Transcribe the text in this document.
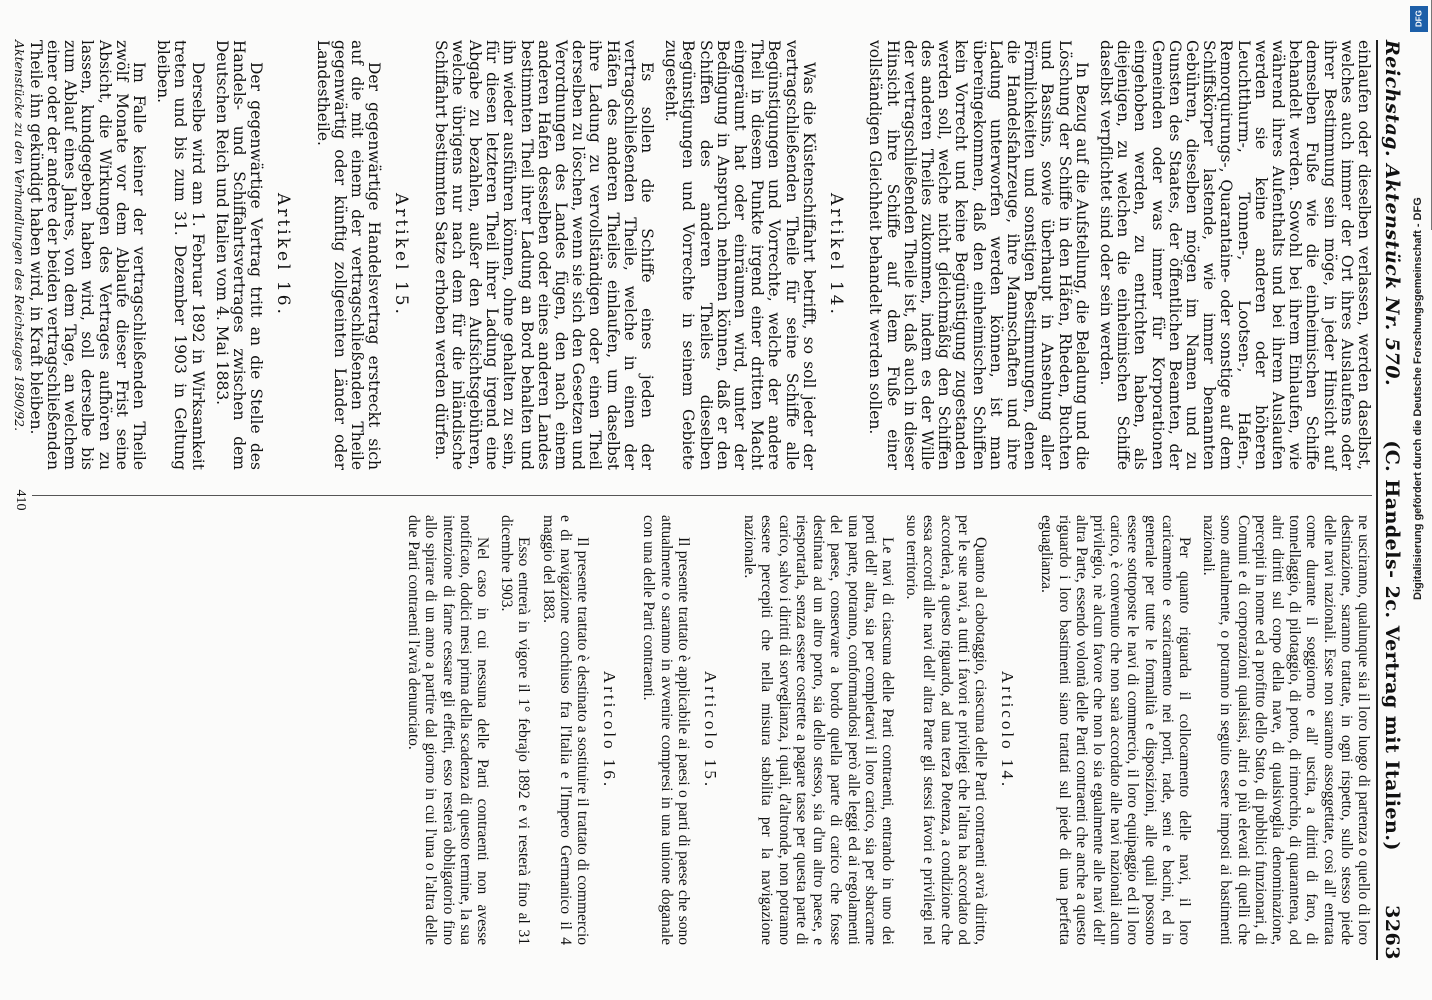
Reichstag. Aktenstück Nr. 570.
(C. Handels- 2c. Vertrag mit Italien.)
3263

einlaufen oder dieselben verlassen, werden daselbst, welches auch immer der Ort ihres Auslaufens oder ihrer Bestimmung sein möge, in jeder Hinsicht auf demselben Fuße wie die einheimischen Schiffe behandelt werden. Sowohl bei ihrem Einlaufen, wie während ihres Aufenthalts und bei ihrem Auslaufen werden sie keine anderen oder höheren Leuchtthurm-, Tonnen-, Lootsen-, Hafen-, Remorquirungs-, Quarantaine- oder sonstige auf dem Schiffskörper lastende, wie immer benannten Gebühren, dieselben mögen im Namen und zu Gunsten des Staates, der öffentlichen Beamten, der Gemeinden oder was immer für Korporationen eingehoben werden, zu entrichten haben, als diejenigen, zu welchen die einheimischen Schiffe daselbst verpflichtet sind oder sein werden.

In Bezug auf die Aufstellung, die Beladung und die Löschung der Schiffe in den Häfen, Rheden, Buchten und Bassins, sowie überhaupt in Ansehung aller Förmlichkeiten und sonstigen Bestimmungen, denen die Handelsfahrzeuge, ihre Mannschaften und ihre Ladung unterworfen werden können, ist man übereingekommen, daß den einheimischen Schiffen kein Vorrecht und keine Begünstigung zugestanden werden soll, welche nicht gleichmäßig den Schiffen des anderen Theiles zukommen, indem es der Wille der vertragschließenden Theile ist, daß auch in dieser Hinsicht ihre Schiffe auf dem Fuße einer vollständigen Gleichheit behandelt werden sollen.

Artikel 14.

Was die Küstenschiffahrt betrifft, so soll jeder der vertragschließenden Theile für seine Schiffe alle Begünstigungen und Vorrechte, welche der andere Theil in diesem Punkte irgend einer dritten Macht eingeräumt hat oder einräumen wird, unter der Bedingung in Anspruch nehmen können, daß er den Schiffen des anderen Theiles dieselben Begünstigungen und Vorrechte in seinem Gebiete zugesteht.

Es sollen die Schiffe eines jeden der vertragschließenden Theile, welche in einen der Häfen des anderen Theiles einlaufen, um daselbst ihre Ladung zu vervollständigen oder einen Theil derselben zu löschen, wenn sie sich den Gesetzen und Verordnungen des Landes fügen, den nach einem anderen Hafen desselben oder eines anderen Landes bestimmten Theil ihrer Ladung an Bord behalten und ihn wieder ausführen können, ohne gehalten zu sein, für diesen letzteren Theil ihrer Ladung irgend eine Abgabe zu bezahlen, außer den Aufsichtsgebühren, welche übrigens nur nach dem für die inländische Schiffahrt bestimmten Satze erhoben werden dürfen.

Artikel 15.

Der gegenwärtige Handelsvertrag erstreckt sich auf die mit einem der vertragschließenden Theile gegenwärtig oder künftig zollgeeinten Länder oder Landestheile.

Artikel 16.

Der gegenwärtige Vertrag tritt an die Stelle des Handels- und Schiffahrtsvertrages zwischen dem Deutschen Reich und Italien vom 4. Mai 1883.

Derselbe wird am 1. Februar 1892 in Wirksamkeit treten und bis zum 31. Dezember 1903 in Geltung bleiben.

Im Falle keiner der vertragschließenden Theile zwölf Monate vor dem Ablaufe dieser Frist seine Absicht, die Wirkungen des Vertrages aufhören zu lassen, kundgegeben haben wird, soll derselbe bis zum Ablauf eines Jahres, von dem Tage, an welchem einer oder der andere der beiden vertragschließenden Theile ihn gekündigt haben wird, in Kraft bleiben.

ne usciranno, qualunque sia il loro luogo di partenza o quello di loro destinazione, saranno trattate, in ogni rispetto, sullo stesso piede delle navi nazionali. Esse non saranno assoggettate, così all' entrata come durante il soggiorno e all' uscita, a diritti di faro, di tonnellaggio, di pilotaggio, di porto, di rimorchio, di quarantena, od altri diritti sul corpo della nave, di qualsivoglia denominazione, percepiti in nome ed a profitto dello Stato, di pubblici funzionari, di Comuni e di corporazioni qualsiasi, altri o più elevati di quelli che sono attualmente, o potranno in seguito essere imposti ai bastimenti nazionali.

Per quanto riguarda il collocamento delle navi, il loro caricamento e scaricamento nei porti, rade, seni e bacini, ed in generale per tutte le formalità e disposizioni, alle quali possono essere sottoposte le navi di commercio, il loro equipaggio ed il loro carico, è convenuto che non sarà accordato alle navi nazionali alcun privilegio, nè alcun favore che non lo sia egualmente alle navi dell' altra Parte, essendo volontà delle Parti contraenti che anche a questo riguardo i loro bastimenti siano trattati sul piede di una perfetta eguaglianza.

Articolo 14.

Quanto al cabotaggio, ciascuna delle Parti contraenti avrà diritto, per le sue navi, a tutti i favori e privilegi che l'altra ha accordato od accorderà, a questo riguardo, ad una terza Potenza, a condizione che essa accordi alle navi dell' altra Parte gli stessi favori e privilegi nel suo territorio.

Le navi di ciascuna delle Parti contraenti, entrando in uno dei porti dell' altra, sia per completarvi il loro carico, sia per sbarcarne una parte, potranno, conformandosi però alle leggi ed ai regolamenti del paese, conservare a bordo quella parte di carico che fosse destinata ad un altro porto, sia dello stesso, sia d'un altro paese, e riesportarla, senza essere costrette a pagare tasse per questa parte di carico, salvo i diritti di sorveglianza, i quali, d'altronde, non potranno essere percepiti che nella misura stabilita per la navigazione nazionale.

Articolo 15.

Il presente trattato è applicabile ai paesi o parti di paese che sono attualmente o saranno in avvenire compresi in una unione doganale con una delle Parti contraenti.

Articolo 16.

Il presente trattato è destinato a sostituire il trattato di commercio e di navigazione conchiuso fra l'Italia e l'Impero Germanico il 4 maggio del 1883.

Esso entrerà in vigore il 1° febrajo 1892 e vi resterà fino al 31 dicembre 1903.

Nel caso in cui nessuna delle Parti contraenti non avesse notificato, dodici mesi prima della scadenza di questo termine, la sua intenzione di farne cessare gli effetti, esso resterà obbligatorio fino allo spirare di un anno a partire dal giorno in cui l'una o l'altra delle due Parti contraenti l'avrà denunciato.

Aktenstücke zu den Verhandlungen des Reichstages 1890/92.
410
DFG
Digitalisierung gefördert durch die Deutsche Forschungsgemeinschaft - DFG
